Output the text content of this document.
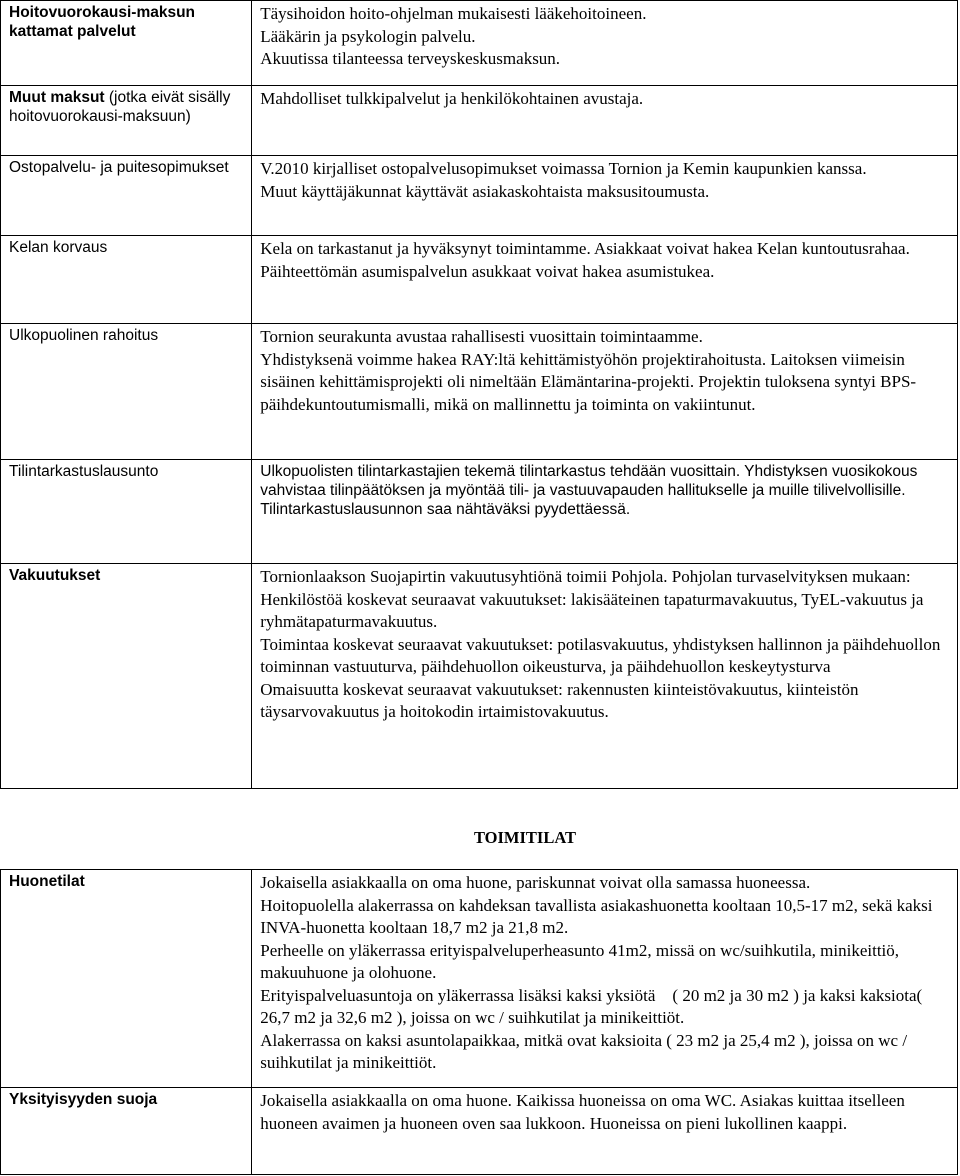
Hoitovuorokausi-maksun kattamat palvelut	Täysihoidon hoito-ohjelman mukaisesti lääkehoitoineen.
Lääkärin ja psykologin palvelu.
Akuutissa tilanteessa terveyskeskusmaksun.

Muut maksut (jotka eivät sisälly hoitovuorokausi-maksuun)	Mahdolliset tulkkipalvelut ja henkilökohtainen avustaja.

Ostopalvelu- ja puitesopimukset	V.2010 kirjalliset ostopalvelusopimukset voimassa Tornion ja Kemin kaupunkien kanssa.
Muut käyttäjäkunnat käyttävät asiakaskohtaista maksusitoumusta.

Kelan korvaus	Kela on tarkastanut ja hyväksynyt toimintamme. Asiakkaat voivat hakea Kelan kuntoutusrahaa.
Päihteettömän asumispalvelun asukkaat voivat hakea asumistukea.

Ulkopuolinen rahoitus	Tornion seurakunta avustaa rahallisesti vuosittain toimintaamme.
Yhdistyksenä voimme hakea RAY:ltä kehittämistyöhön projektirahoitusta. Laitoksen viimeisin sisäinen kehittämisprojekti oli nimeltään Elämäntarina-projekti. Projektin tuloksena syntyi BPS- päihdekuntoutumismalli, mikä on mallinnettu ja toiminta on vakiintunut.

Tilintarkastuslausunto	Ulkopuolisten tilintarkastajien tekemä tilintarkastus tehdään vuosittain. Yhdistyksen vuosikokous vahvistaa tilinpäätöksen ja myöntää tili- ja vastuuvapauden hallitukselle ja muille tilivelvollisille.
Tilintarkastuslausunnon saa nähtäväksi pyydettäessä.

Vakuutukset	Tornionlaakson Suojapirtin vakuutusyhtiönä toimii Pohjola. Pohjolan turvaselvityksen mukaan:
Henkilöstöä koskevat seuraavat vakuutukset: lakisääteinen tapaturmavakuutus, TyEL-vakuutus ja ryhmätapaturmavakuutus.
Toimintaa koskevat seuraavat vakuutukset: potilasvakuutus, yhdistyksen hallinnon ja päihdehuollon toiminnan vastuuturva, päihdehuollon oikeusturva, ja päihdehuollon keskeytysturva
Omaisuutta koskevat seuraavat vakuutukset: rakennusten kiinteistövakuutus, kiinteistön täysarvovakuutus ja hoitokodin irtaimistovakuutus.
TOIMITILAT
Huonetilat	Jokaisella asiakkaalla on oma huone, pariskunnat voivat olla samassa huoneessa.
Hoitopuolella alakerrassa on kahdeksan tavallista asiakashuonetta kooltaan 10,5-17 m2, sekä kaksi INVA-huonetta kooltaan 18,7 m2 ja 21,8 m2.
Perheelle on yläkerrassa erityispalveluperheasunto 41m2, missä on wc/suihkutila, minikeittiö, makuuhuone ja olohuone.
Erityispalveluasuntoja on yläkerrassa lisäksi kaksi yksiötä    ( 20 m2 ja 30 m2 ) ja kaksi kaksiota( 26,7 m2 ja 32,6 m2 ), joissa on wc / suihkutilat ja minikeittiöt.
Alakerrassa on kaksi asuntolapaikkaa, mitkä ovat kaksioita ( 23 m2 ja 25,4 m2 ), joissa on wc / suihkutilat ja minikeittiöt.

Yksityisyyden suoja	Jokaisella asiakkaalla on oma huone. Kaikissa huoneissa on oma WC. Asiakas kuittaa itselleen huoneen avaimen ja huoneen oven saa lukkoon. Huoneissa on pieni lukollinen kaappi.
